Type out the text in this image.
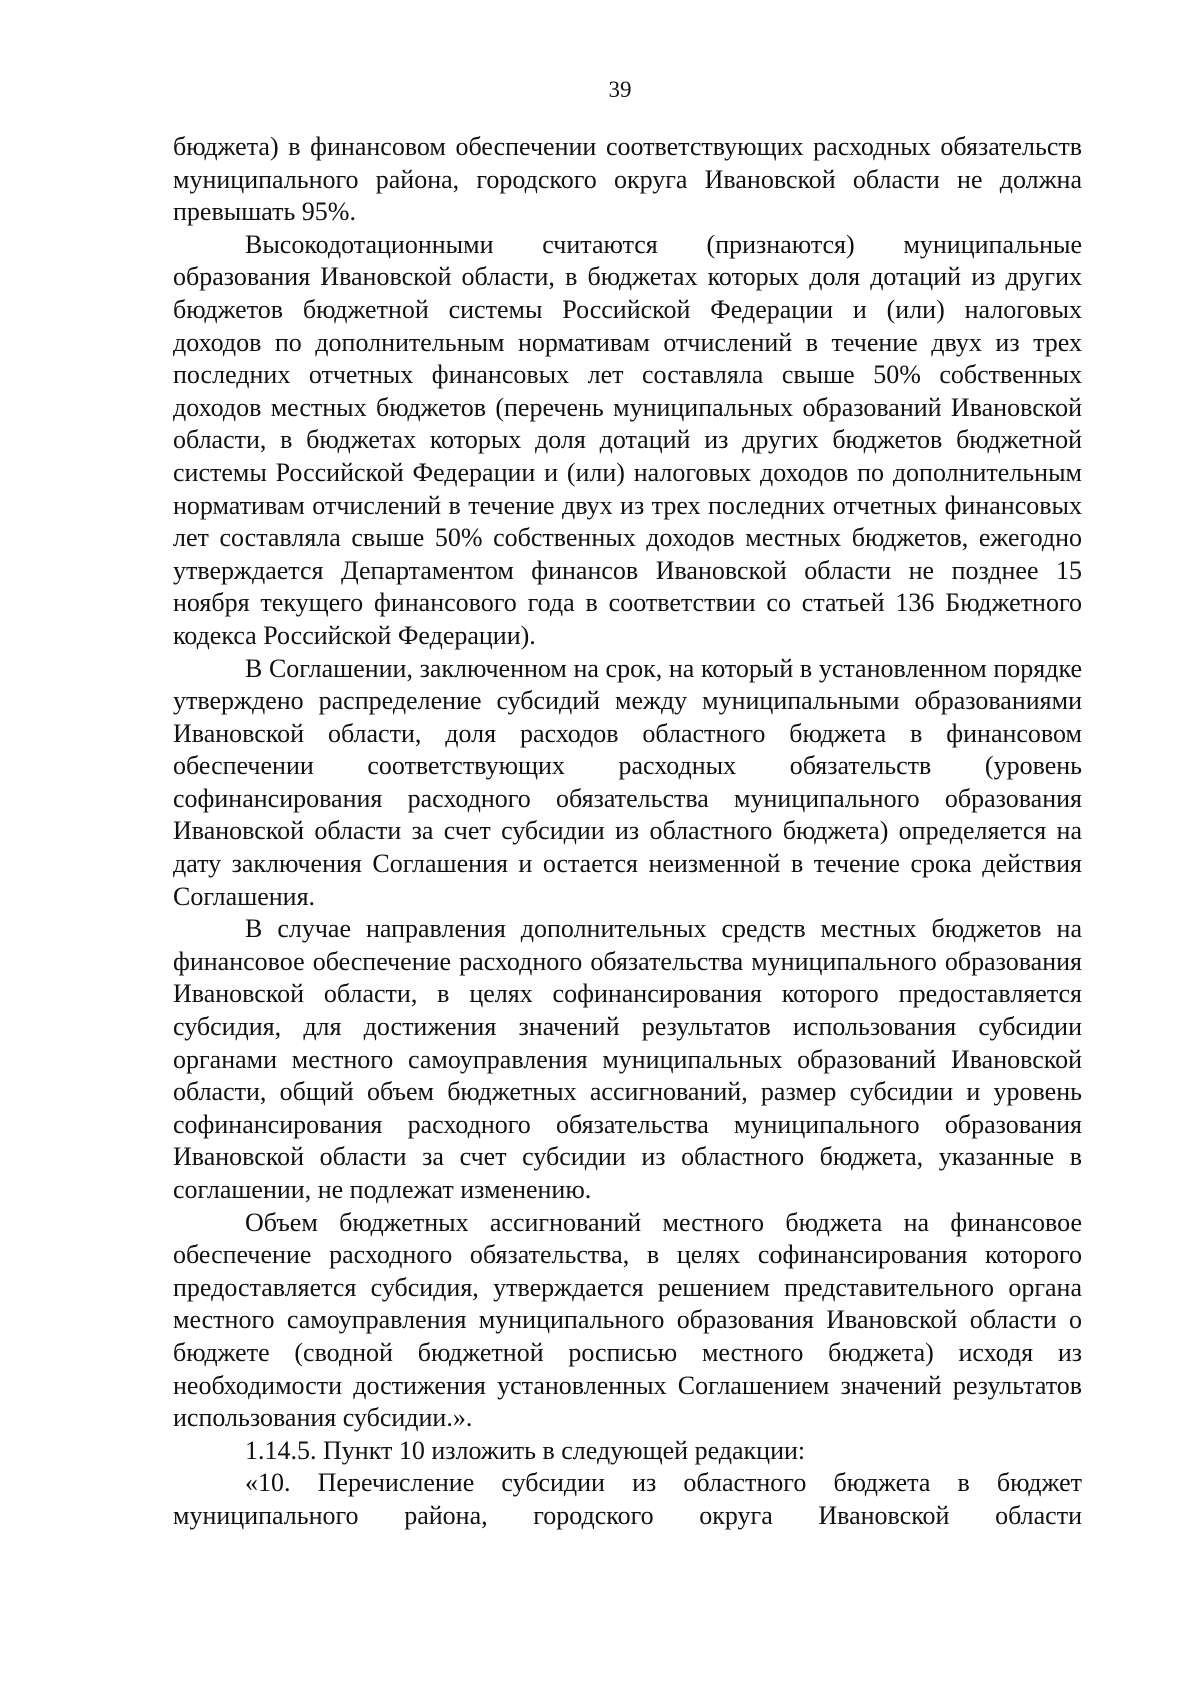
39

бюджета) в финансовом обеспечении соответствующих расходных обязательств муниципального района, городского округа Ивановской области не должна превышать 95%.

Высокодотационными считаются (признаются) муниципальные образования Ивановской области, в бюджетах которых доля дотаций из других бюджетов бюджетной системы Российской Федерации и (или) налоговых доходов по дополнительным нормативам отчислений в течение двух из трех последних отчетных финансовых лет составляла свыше 50% собственных доходов местных бюджетов (перечень муниципальных образований Ивановской области, в бюджетах которых доля дотаций из других бюджетов бюджетной системы Российской Федерации и (или) налоговых доходов по дополнительным нормативам отчислений в течение двух из трех последних отчетных финансовых лет составляла свыше 50% собственных доходов местных бюджетов, ежегодно утверждается Департаментом финансов Ивановской области не позднее 15 ноября текущего финансового года в соответствии со статьей 136 Бюджетного кодекса Российской Федерации).

В Соглашении, заключенном на срок, на который в установленном порядке утверждено распределение субсидий между муниципальными образованиями Ивановской области, доля расходов областного бюджета в финансовом обеспечении соответствующих расходных обязательств (уровень софинансирования расходного обязательства муниципального образования Ивановской области за счет субсидии из областного бюджета) определяется на дату заключения Соглашения и остается неизменной в течение срока действия Соглашения.

В случае направления дополнительных средств местных бюджетов на финансовое обеспечение расходного обязательства муниципального образования Ивановской области, в целях софинансирования которого предоставляется субсидия, для достижения значений результатов использования субсидии органами местного самоуправления муниципальных образований Ивановской области, общий объем бюджетных ассигнований, размер субсидии и уровень софинансирования расходного обязательства муниципального образования Ивановской области за счет субсидии из областного бюджета, указанные в соглашении, не подлежат изменению.

Объем бюджетных ассигнований местного бюджета на финансовое обеспечение расходного обязательства, в целях софинансирования которого предоставляется субсидия, утверждается решением представительного органа местного самоуправления муниципального образования Ивановской области о бюджете (сводной бюджетной росписью местного бюджета) исходя из необходимости достижения установленных Соглашением значений результатов использования субсидии.».

1.14.5. Пункт 10 изложить в следующей редакции:

«10. Перечисление субсидии из областного бюджета в бюджет муниципального района, городского округа Ивановской области
